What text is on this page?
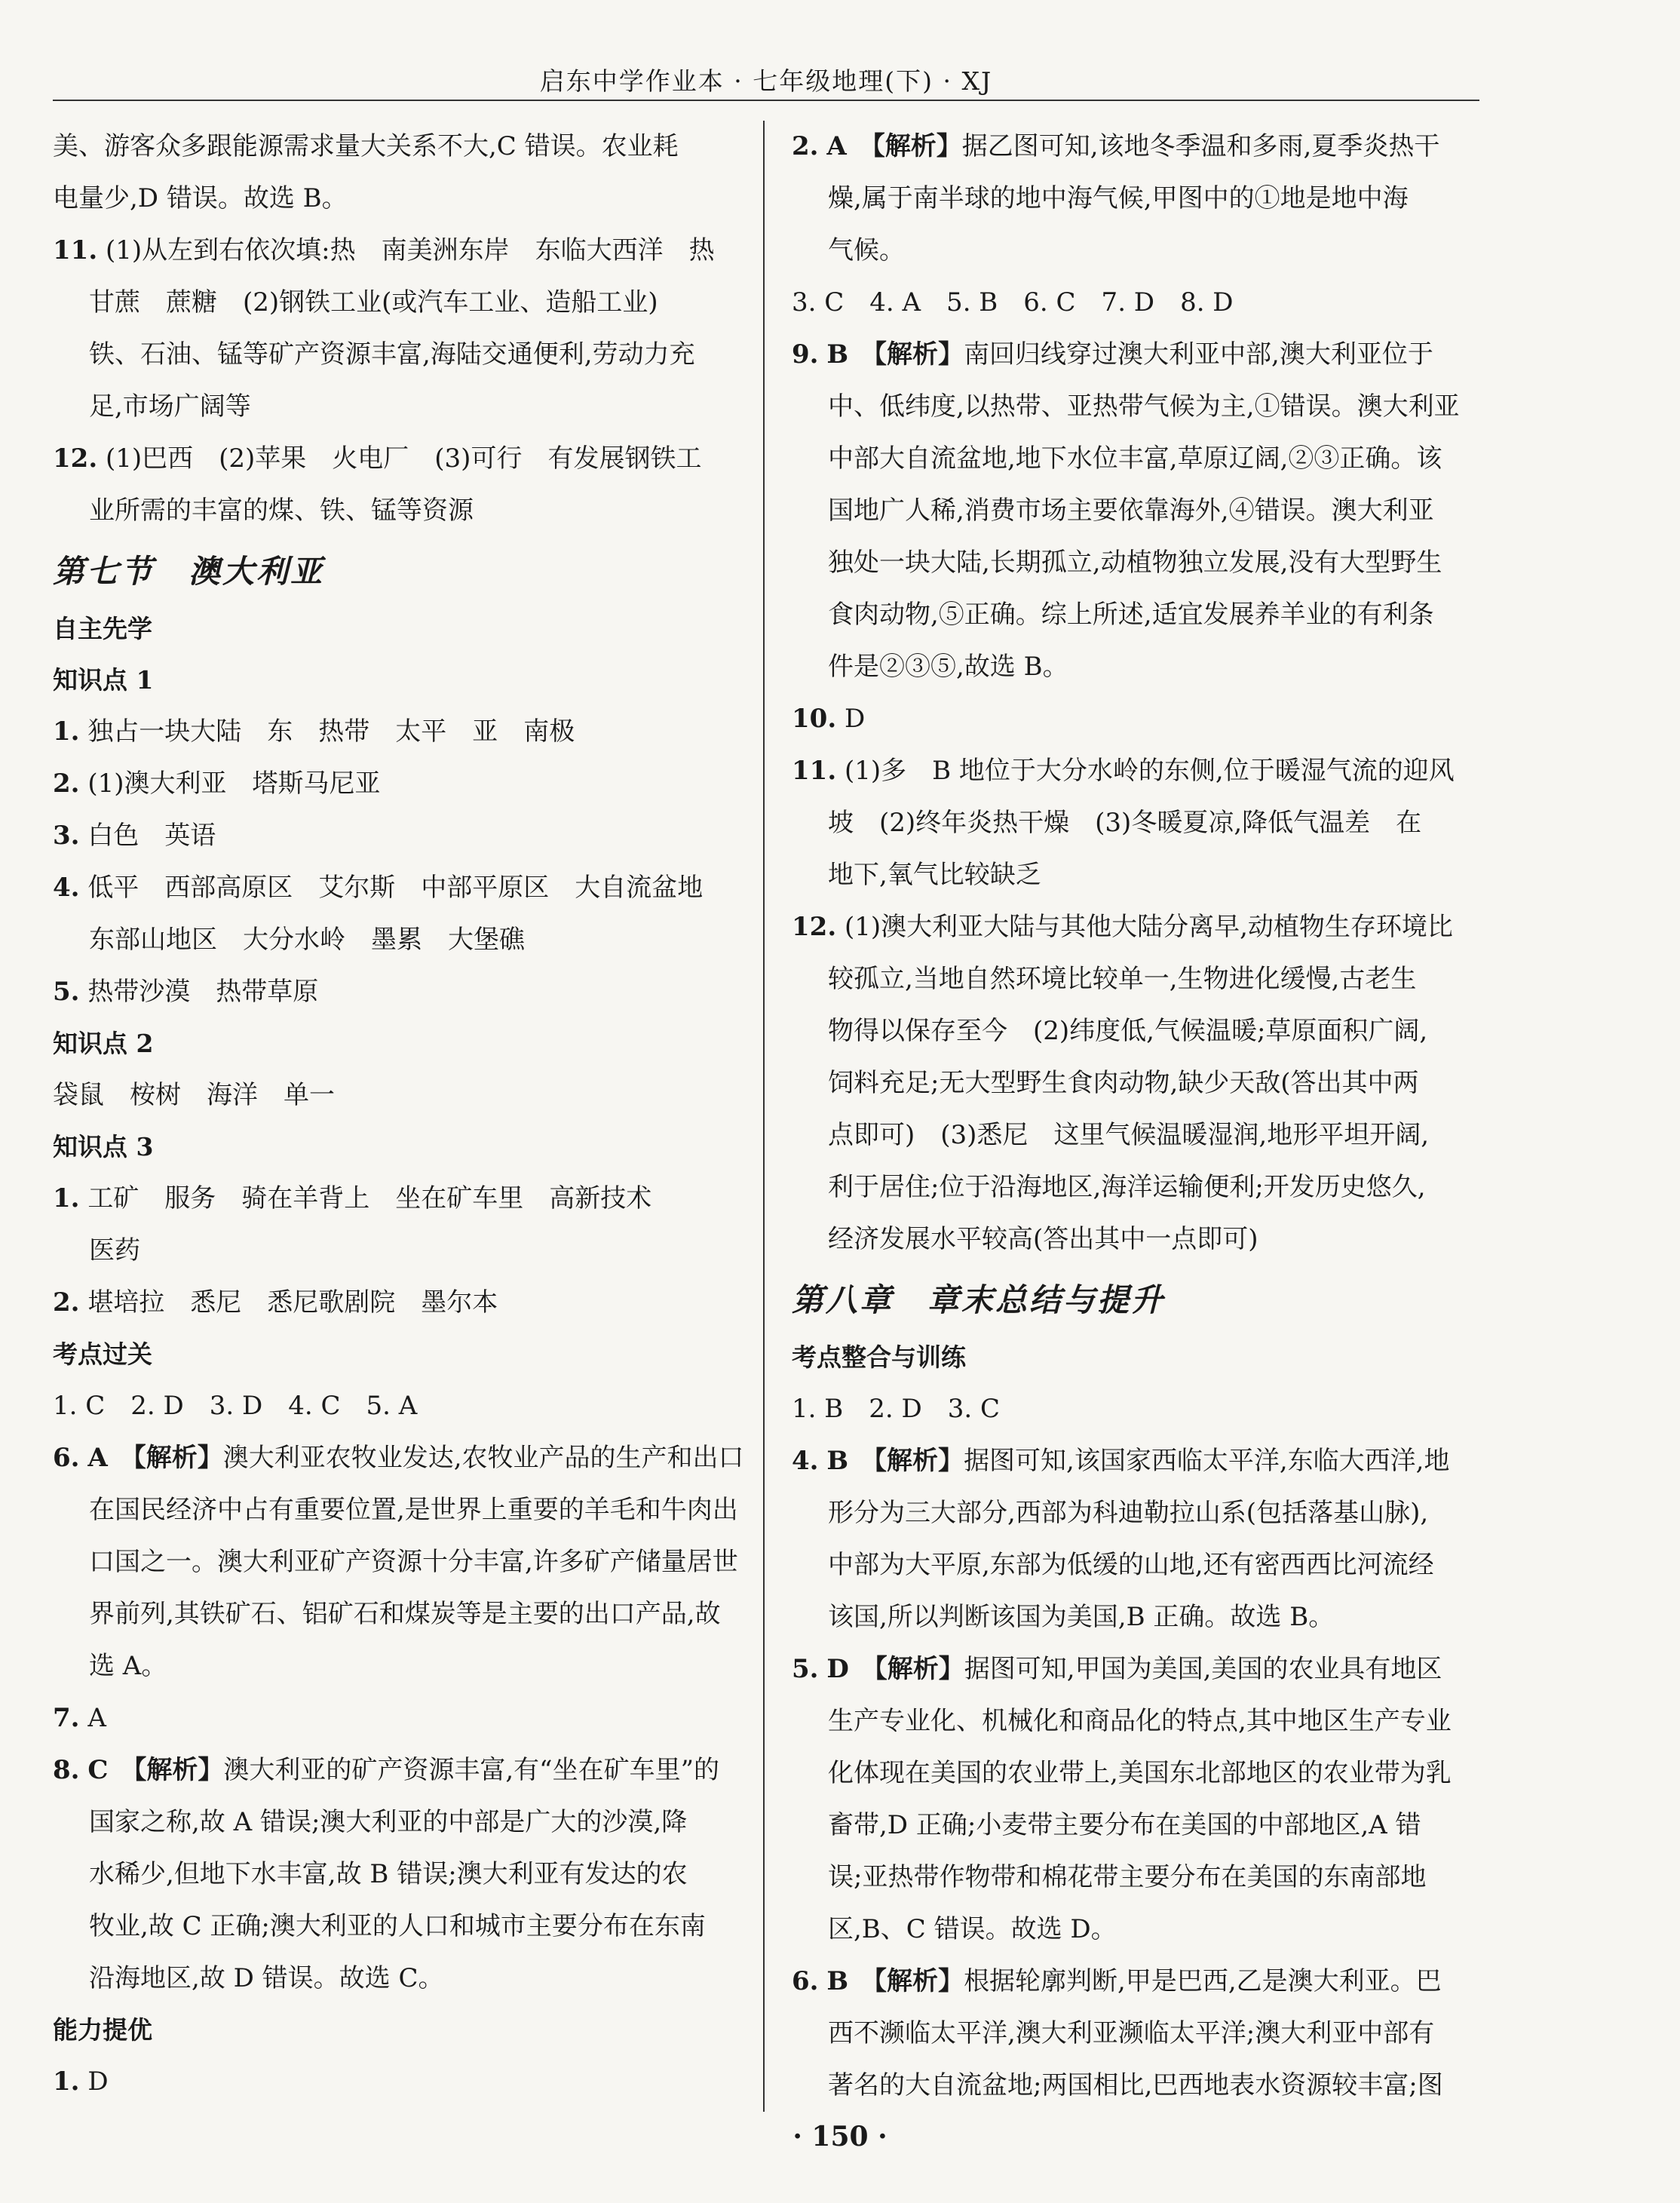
启东中学作业本 · 七年级地理(下) · XJ
美、游客众多跟能源需求量大关系不大,C 错误。农业耗
电量少,D 错误。故选 B。
11. (1)从左到右依次填:热　南美洲东岸　东临大西洋　热
甘蔗　蔗糖　(2)钢铁工业(或汽车工业、造船工业)
铁、石油、锰等矿产资源丰富,海陆交通便利,劳动力充
足,市场广阔等
12. (1)巴西　(2)苹果　火电厂　(3)可行　有发展钢铁工
业所需的丰富的煤、铁、锰等资源
第七节　澳大利亚
自主先学
知识点 1
1. 独占一块大陆　东　热带　太平　亚　南极
2. (1)澳大利亚　塔斯马尼亚
3. 白色　英语
4. 低平　西部高原区　艾尔斯　中部平原区　大自流盆地
东部山地区　大分水岭　墨累　大堡礁
5. 热带沙漠　热带草原
知识点 2
袋鼠　桉树　海洋　单一
知识点 3
1. 工矿　服务　骑在羊背上　坐在矿车里　高新技术
医药
2. 堪培拉　悉尼　悉尼歌剧院　墨尔本
考点过关
1. C　2. D　3. D　4. C　5. A
6. A　【解析】澳大利亚农牧业发达,农牧业产品的生产和出口
在国民经济中占有重要位置,是世界上重要的羊毛和牛肉出
口国之一。澳大利亚矿产资源十分丰富,许多矿产储量居世
界前列,其铁矿石、铝矿石和煤炭等是主要的出口产品,故
选 A。
7. A
8. C　【解析】澳大利亚的矿产资源丰富,有“坐在矿车里”的
国家之称,故 A 错误;澳大利亚的中部是广大的沙漠,降
水稀少,但地下水丰富,故 B 错误;澳大利亚有发达的农
牧业,故 C 正确;澳大利亚的人口和城市主要分布在东南
沿海地区,故 D 错误。故选 C。
能力提优
1. D
2. A　【解析】据乙图可知,该地冬季温和多雨,夏季炎热干
燥,属于南半球的地中海气候,甲图中的①地是地中海
气候。
3. C　4. A　5. B　6. C　7. D　8. D
9. B　【解析】南回归线穿过澳大利亚中部,澳大利亚位于
中、低纬度,以热带、亚热带气候为主,①错误。澳大利亚
中部大自流盆地,地下水位丰富,草原辽阔,②③正确。该
国地广人稀,消费市场主要依靠海外,④错误。澳大利亚
独处一块大陆,长期孤立,动植物独立发展,没有大型野生
食肉动物,⑤正确。综上所述,适宜发展养羊业的有利条
件是②③⑤,故选 B。
10. D
11. (1)多　B 地位于大分水岭的东侧,位于暖湿气流的迎风
坡　(2)终年炎热干燥　(3)冬暖夏凉,降低气温差　在
地下,氧气比较缺乏
12. (1)澳大利亚大陆与其他大陆分离早,动植物生存环境比
较孤立,当地自然环境比较单一,生物进化缓慢,古老生
物得以保存至今　(2)纬度低,气候温暖;草原面积广阔,
饲料充足;无大型野生食肉动物,缺少天敌(答出其中两
点即可)　(3)悉尼　这里气候温暖湿润,地形平坦开阔,
利于居住;位于沿海地区,海洋运输便利;开发历史悠久,
经济发展水平较高(答出其中一点即可)
第八章　章末总结与提升
考点整合与训练
1. B　2. D　3. C
4. B　【解析】据图可知,该国家西临太平洋,东临大西洋,地
形分为三大部分,西部为科迪勒拉山系(包括落基山脉),
中部为大平原,东部为低缓的山地,还有密西西比河流经
该国,所以判断该国为美国,B 正确。故选 B。
5. D　【解析】据图可知,甲国为美国,美国的农业具有地区
生产专业化、机械化和商品化的特点,其中地区生产专业
化体现在美国的农业带上,美国东北部地区的农业带为乳
畜带,D 正确;小麦带主要分布在美国的中部地区,A 错
误;亚热带作物带和棉花带主要分布在美国的东南部地
区,B、C 错误。故选 D。
6. B　【解析】根据轮廓判断,甲是巴西,乙是澳大利亚。巴
西不濒临太平洋,澳大利亚濒临太平洋;澳大利亚中部有
著名的大自流盆地;两国相比,巴西地表水资源较丰富;图
· 150 ·
